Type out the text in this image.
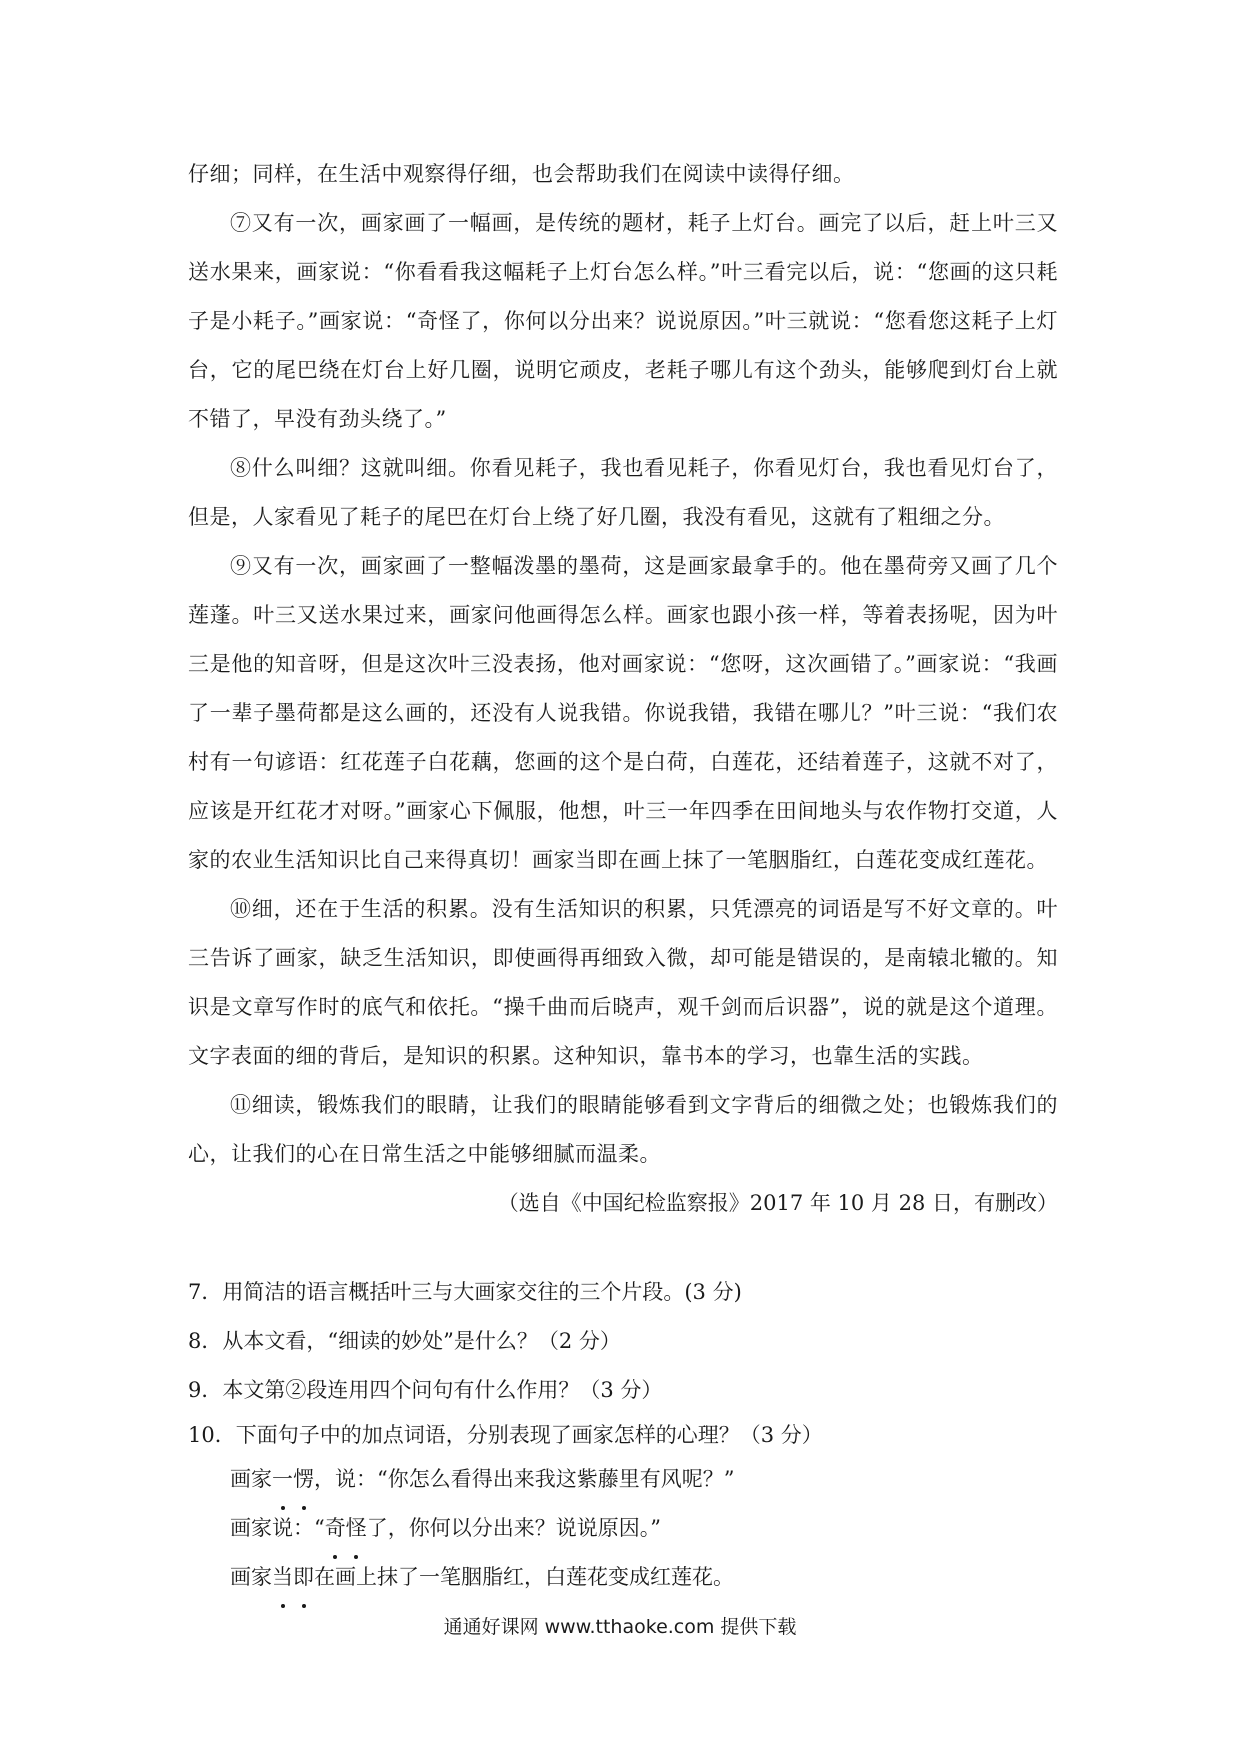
仔细；同样，在生活中观察得仔细，也会帮助我们在阅读中读得仔细。

⑦又有一次，画家画了一幅画，是传统的题材，耗子上灯台。画完了以后，赶上叶三又送水果来，画家说：“你看看我这幅耗子上灯台怎么样。”叶三看完以后，说：“您画的这只耗子是小耗子。”画家说：“奇怪了，你何以分出来？说说原因。”叶三就说：“您看您这耗子上灯台，它的尾巴绕在灯台上好几圈，说明它顽皮，老耗子哪儿有这个劲头，能够爬到灯台上就不错了，早没有劲头绕了。”

⑧什么叫细？这就叫细。你看见耗子，我也看见耗子，你看见灯台，我也看见灯台了，但是，人家看见了耗子的尾巴在灯台上绕了好几圈，我没有看见，这就有了粗细之分。

⑨又有一次，画家画了一整幅泼墨的墨荷，这是画家最拿手的。他在墨荷旁又画了几个莲蓬。叶三又送水果过来，画家问他画得怎么样。画家也跟小孩一样，等着表扬呢，因为叶三是他的知音呀，但是这次叶三没表扬，他对画家说：“您呀，这次画错了。”画家说：“我画了一辈子墨荷都是这么画的，还没有人说我错。你说我错，我错在哪儿？”叶三说：“我们农村有一句谚语：红花莲子白花藕，您画的这个是白荷，白莲花，还结着莲子，这就不对了，应该是开红花才对呀。”画家心下佩服，他想，叶三一年四季在田间地头与农作物打交道，人家的农业生活知识比自己来得真切！画家当即在画上抹了一笔胭脂红，白莲花变成红莲花。

⑩细，还在于生活的积累。没有生活知识的积累，只凭漂亮的词语是写不好文章的。叶三告诉了画家，缺乏生活知识，即使画得再细致入微，却可能是错误的，是南辕北辙的。知识是文章写作时的底气和依托。“操千曲而后晓声，观千剑而后识器”，说的就是这个道理。文字表面的细的背后，是知识的积累。这种知识，靠书本的学习，也靠生活的实践。

⑪细读，锻炼我们的眼睛，让我们的眼睛能够看到文字背后的细微之处；也锻炼我们的心，让我们的心在日常生活之中能够细腻而温柔。

（选自《中国纪检监察报》2017 年 10 月 28 日，有删改）

7．用简洁的语言概括叶三与大画家交往的三个片段。(3 分)

8．从本文看，“细读的妙处”是什么？（2 分）

9．本文第②段连用四个问句有什么作用？（3 分）

10．下面句子中的加点词语，分别表现了画家怎样的心理？（3 分）

画家一愣，说：“你怎么看得出来我这紫藤里有风呢？”

画家说：“奇怪了，你何以分出来？说说原因。”

画家当即在画上抹了一笔胭脂红，白莲花变成红莲花。

通通好课网 www.tthaoke.com 提供下载
